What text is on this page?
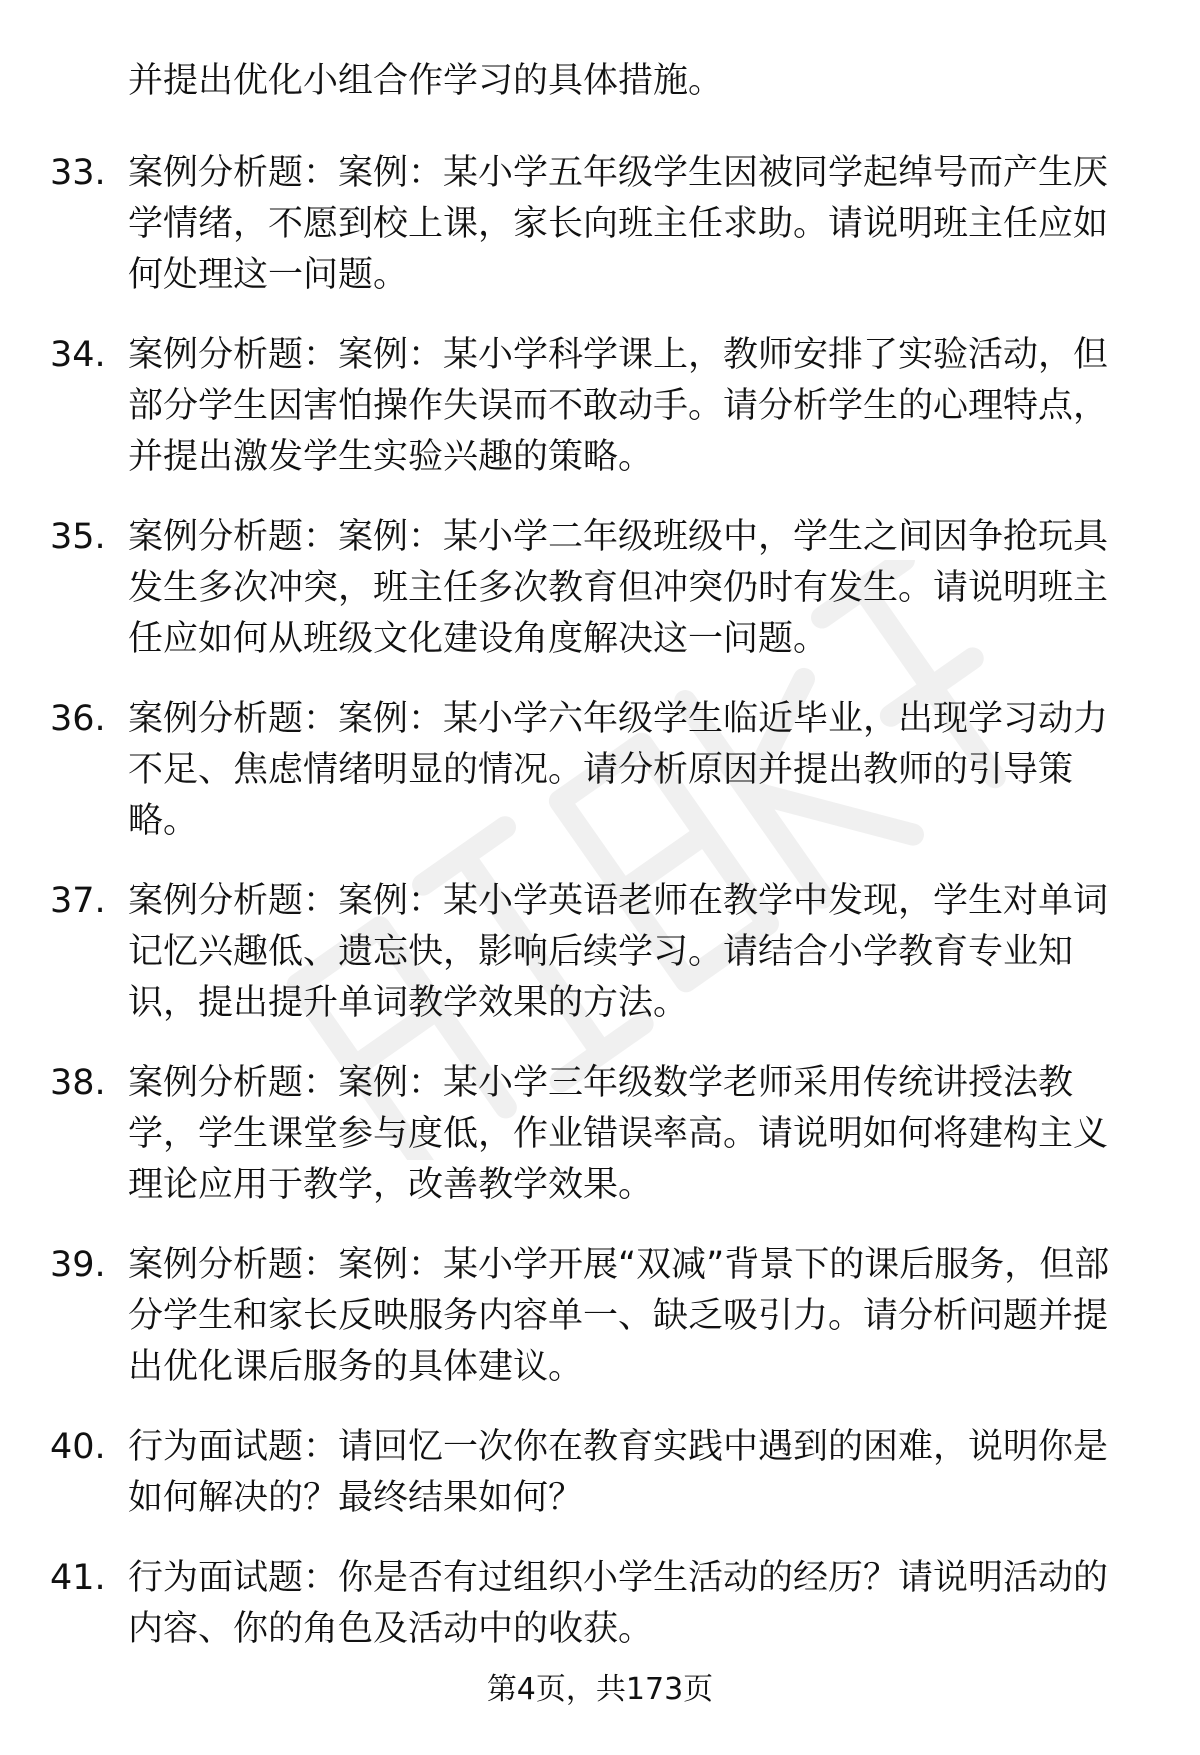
并提出优化小组合作学习的具体措施。
33. 案例分析题：案例：某小学五年级学生因被同学起绰号而产生厌学情绪，不愿到校上课，家长向班主任求助。请说明班主任应如何处理这一问题。
34. 案例分析题：案例：某小学科学课上，教师安排了实验活动，但部分学生因害怕操作失误而不敢动手。请分析学生的心理特点，并提出激发学生实验兴趣的策略。
35. 案例分析题：案例：某小学二年级班级中，学生之间因争抢玩具发生多次冲突，班主任多次教育但冲突仍时有发生。请说明班主任应如何从班级文化建设角度解决这一问题。
36. 案例分析题：案例：某小学六年级学生临近毕业，出现学习动力不足、焦虑情绪明显的情况。请分析原因并提出教师的引导策略。
37. 案例分析题：案例：某小学英语老师在教学中发现，学生对单词记忆兴趣低、遗忘快，影响后续学习。请结合小学教育专业知识，提出提升单词教学效果的方法。
38. 案例分析题：案例：某小学三年级数学老师采用传统讲授法教学，学生课堂参与度低，作业错误率高。请说明如何将建构主义理论应用于教学，改善教学效果。
39. 案例分析题：案例：某小学开展“双减”背景下的课后服务，但部分学生和家长反映服务内容单一、缺乏吸引力。请分析问题并提出优化课后服务的具体建议。
40. 行为面试题：请回忆一次你在教育实践中遇到的困难，说明你是如何解决的？最终结果如何？
41. 行为面试题：你是否有过组织小学生活动的经历？请说明活动的内容、你的角色及活动中的收获。
第4页，共173页
